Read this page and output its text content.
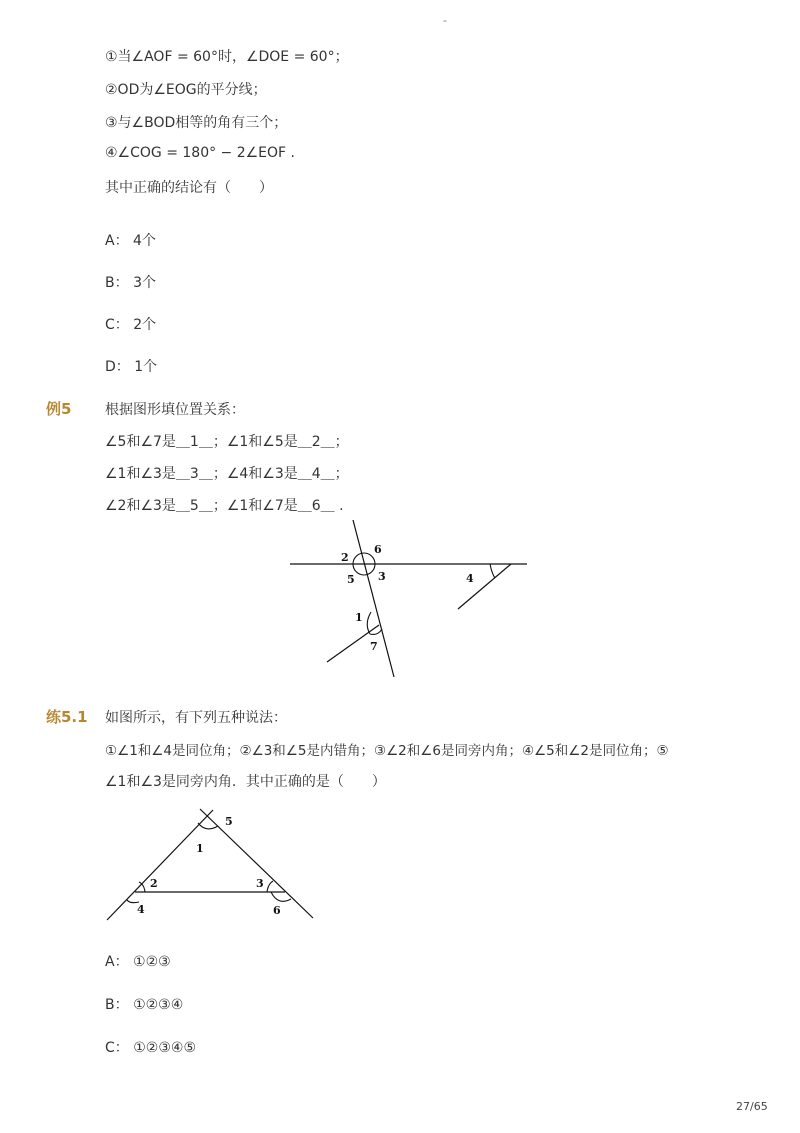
-
①当∠AOF = 60°时，∠DOE = 60°；
②OD为∠EOG的平分线；
③与∠BOD相等的角有三个；
④∠COG = 180° − 2∠EOF .
其中正确的结论有（　　）
A： 4个
B： 3个
C： 2个
D： 1个
例5 根据图形填位置关系：
∠5和∠7是＿1＿；∠1和∠5是＿2＿；
∠1和∠3是＿3＿；∠4和∠3是＿4＿；
∠2和∠3是＿5＿；∠1和∠7是＿6＿ .
2
6
5 3	4
1
7
练5.1 如图所示，有下列五种说法：
①∠1和∠4是同位角；②∠3和∠5是内错角；③∠2和∠6是同旁内角；④∠5和∠2是同位角；⑤
∠1和∠3是同旁内角．其中正确的是（　　）
5
1
2	3
4	6
A： ①②③
B： ①②③④
C： ①②③④⑤
27/65
